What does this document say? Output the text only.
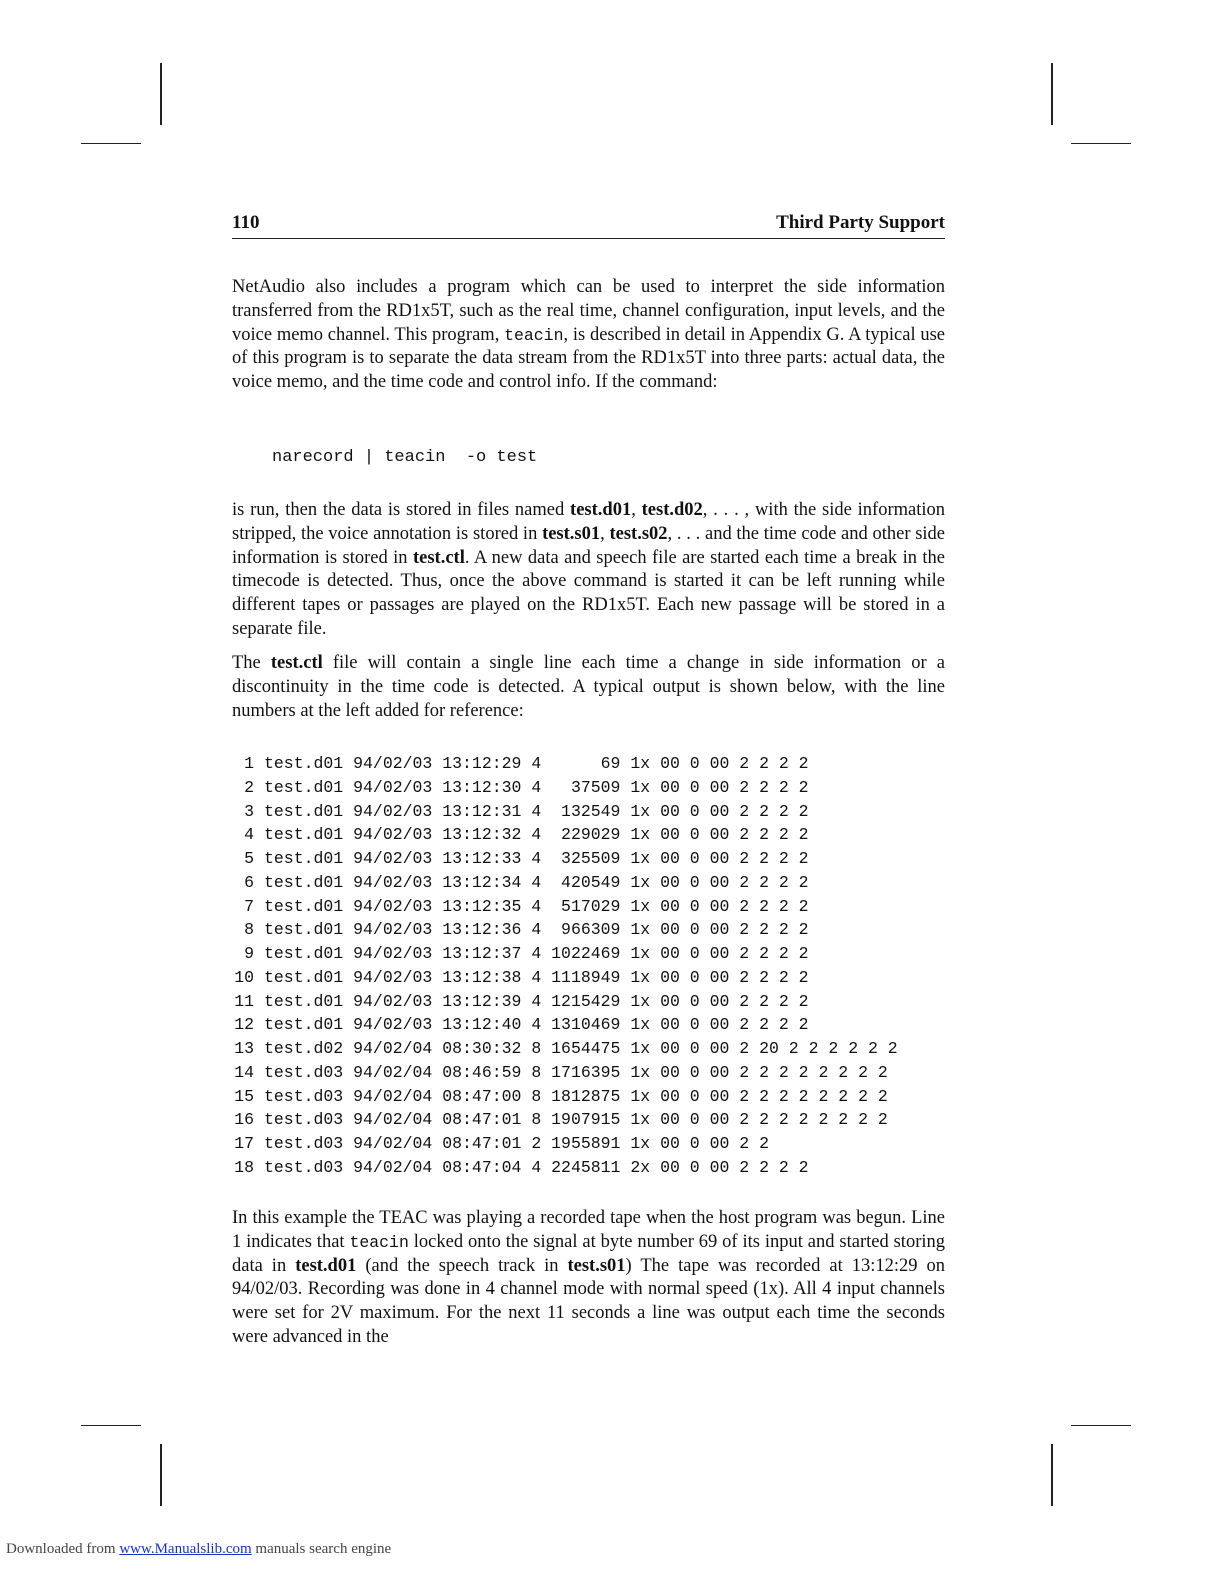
110	Third Party Support

NetAudio also includes a program which can be used to interpret the side information transferred from the RD1x5T, such as the real time, channel configuration, input levels, and the voice memo channel. This program, teacin, is described in detail in Appendix G. A typical use of this program is to separate the data stream from the RD1x5T into three parts: actual data, the voice memo, and the time code and control info. If the command:

narecord | teacin  -o test

is run, then the data is stored in files named test.d01, test.d02, . . . , with the side information stripped, the voice annotation is stored in test.s01, test.s02, . . . and the time code and other side information is stored in test.ctl. A new data and speech file are started each time a break in the timecode is detected. Thus, once the above command is started it can be left running while different tapes or passages are played on the RD1x5T. Each new passage will be stored in a separate file.

The test.ctl file will contain a single line each time a change in side information or a discontinuity in the time code is detected. A typical output is shown below, with the line numbers at the left added for reference:

1 test.d01 94/02/03 13:12:29 4      69 1x 00 0 00 2 2 2 2
2 test.d01 94/02/03 13:12:30 4   37509 1x 00 0 00 2 2 2 2
3 test.d01 94/02/03 13:12:31 4  132549 1x 00 0 00 2 2 2 2
4 test.d01 94/02/03 13:12:32 4  229029 1x 00 0 00 2 2 2 2
5 test.d01 94/02/03 13:12:33 4  325509 1x 00 0 00 2 2 2 2
6 test.d01 94/02/03 13:12:34 4  420549 1x 00 0 00 2 2 2 2
7 test.d01 94/02/03 13:12:35 4  517029 1x 00 0 00 2 2 2 2
8 test.d01 94/02/03 13:12:36 4  966309 1x 00 0 00 2 2 2 2
9 test.d01 94/02/03 13:12:37 4 1022469 1x 00 0 00 2 2 2 2
10 test.d01 94/02/03 13:12:38 4 1118949 1x 00 0 00 2 2 2 2
11 test.d01 94/02/03 13:12:39 4 1215429 1x 00 0 00 2 2 2 2
12 test.d01 94/02/03 13:12:40 4 1310469 1x 00 0 00 2 2 2 2
13 test.d02 94/02/04 08:30:32 8 1654475 1x 00 0 00 2 20 2 2 2 2 2 2
14 test.d03 94/02/04 08:46:59 8 1716395 1x 00 0 00 2 2 2 2 2 2 2 2
15 test.d03 94/02/04 08:47:00 8 1812875 1x 00 0 00 2 2 2 2 2 2 2 2
16 test.d03 94/02/04 08:47:01 8 1907915 1x 00 0 00 2 2 2 2 2 2 2 2
17 test.d03 94/02/04 08:47:01 2 1955891 1x 00 0 00 2 2
18 test.d03 94/02/04 08:47:04 4 2245811 2x 00 0 00 2 2 2 2

In this example the TEAC was playing a recorded tape when the host program was begun. Line 1 indicates that teacin locked onto the signal at byte number 69 of its input and started storing data in test.d01 (and the speech track in test.s01) The tape was recorded at 13:12:29 on 94/02/03. Recording was done in 4 channel mode with normal speed (1x). All 4 input channels were set for 2V maximum. For the next 11 seconds a line was output each time the seconds were advanced in the

Downloaded from www.Manualslib.com manuals search engine
